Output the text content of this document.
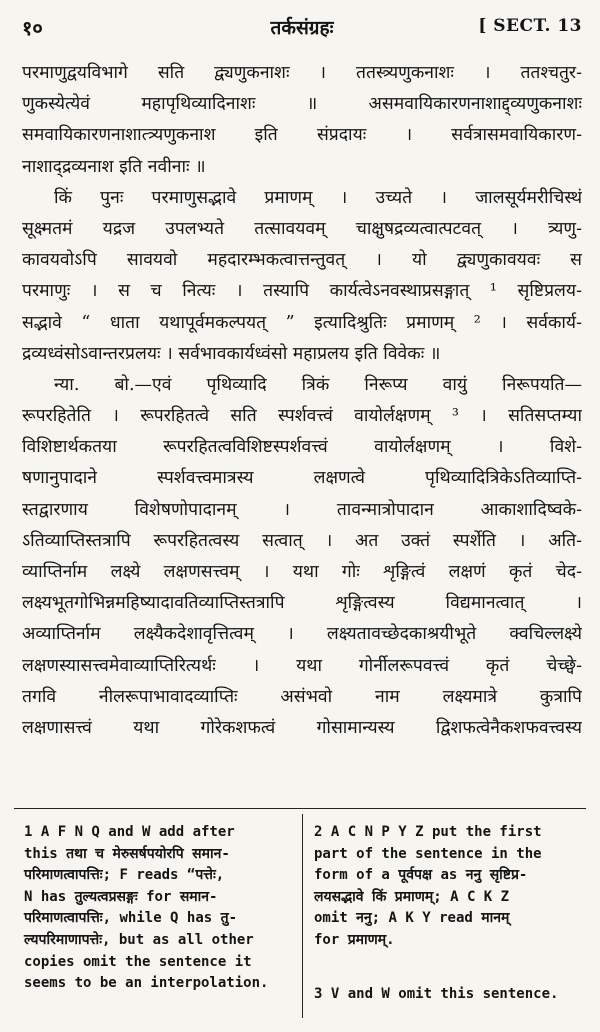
१०	तर्कसंग्रहः	[ SECT. 13
परमाणुद्वयविभागे सति द्व्यणुकनाशः । ततस्त्र्यणुकनाशः । ततश्चतुर-
णुकस्येत्येवं महापृथिव्यादिनाशः ॥ असमवायिकारणनाशाद्द्व्यणुकनाशः
समवायिकारणनाशात्त्र्यणुकनाश इति संप्रदायः । सर्वत्रासमवायिकारण-
नाशाद्द्रव्यनाश इति नवीनाः ॥
किं पुनः परमाणुसद्भावे प्रमाणम् । उच्यते । जालसूर्यमरीचिस्थं
सूक्ष्मतमं यद्रज उपलभ्यते तत्सावयवम् चाक्षुषद्रव्यत्वात्पटवत् । त्र्यणु-
कावयवोऽपि सावयवो महदारम्भकत्वात्तन्तुवत् । यो द्व्यणुकावयवः स
परमाणुः । स च नित्यः । तस्यापि कार्यत्वेऽनवस्थाप्रसङ्गात् ¹ सृष्टिप्रलय-
सद्भावे “ धाता यथापूर्वमकल्पयत् ” इत्यादिश्रुतिः प्रमाणम् ² । सर्वकार्य-
द्रव्यध्वंसोऽवान्तरप्रलयः । सर्वभावकार्यध्वंसो महाप्रलय इति विवेकः ॥
न्या. बो.—एवं पृथिव्यादि त्रिकं निरूप्य वायुं निरूपयति—
रूपरहितेति । रूपरहितत्वे सति स्पर्शवत्त्वं वायोर्लक्षणम् ³ । सतिसप्तम्या
विशिष्टार्थकतया रूपरहितत्वविशिष्टस्पर्शवत्त्वं वायोर्लक्षणम् । विशे-
षणानुपादाने स्पर्शवत्त्वमात्रस्य लक्षणत्वे पृथिव्यादित्रिकेऽतिव्याप्ति-
स्तद्वारणाय विशेषणोपादानम् । तावन्मात्रोपादान आकाशादिष्वके-
ऽतिव्याप्तिस्तत्रापि रूपरहितत्वस्य सत्वात् । अत उक्तं स्पर्शेति । अति-
व्याप्तिर्नाम लक्ष्ये लक्षणसत्त्वम् । यथा गोः शृङ्गित्वं लक्षणं कृतं चेद-
लक्ष्यभूतगोभिन्नमहिष्यादावतिव्याप्तिस्तत्रापि शृङ्गित्वस्य विद्यमानत्वात् ।
अव्याप्तिर्नाम लक्ष्यैकदेशावृत्तित्वम् । लक्ष्यतावच्छेदकाश्रयीभूते क्वचिल्लक्ष्ये
लक्षणस्यासत्त्वमेवाव्याप्तिरित्यर्थः । यथा गोर्नीलरूपवत्त्वं कृतं चेच्छ्वे-
तगवि नीलरूपाभावादव्याप्तिः असंभवो नाम लक्ष्यमात्रे कुत्रापि
लक्षणासत्त्वं यथा गोरेकशफत्वं गोसामान्यस्य द्विशफत्वेनैकशफवत्त्वस्य
1 A F N Q and W add after
this तथा च मेरुसर्षपयोरपि समान-
परिमाणत्वापत्तिः; F reads “पत्तेः,
N has तुल्यत्वप्रसङ्गः for समान-
परिमाणत्वापत्तिः, while Q has तु-
ल्यपरिमाणापत्तेः, but as all other
copies omit the sentence it
seems to be an interpolation.
2 A C N P Y Z put the first
part of the sentence in the
form of a पूर्वपक्ष as ननु सृष्टिप्र-
लयसद्भावे किं प्रमाणम्; A C K Z
omit ननु; A K Y read मानम्
for प्रमाणम्.
3 V and W omit this sentence.
